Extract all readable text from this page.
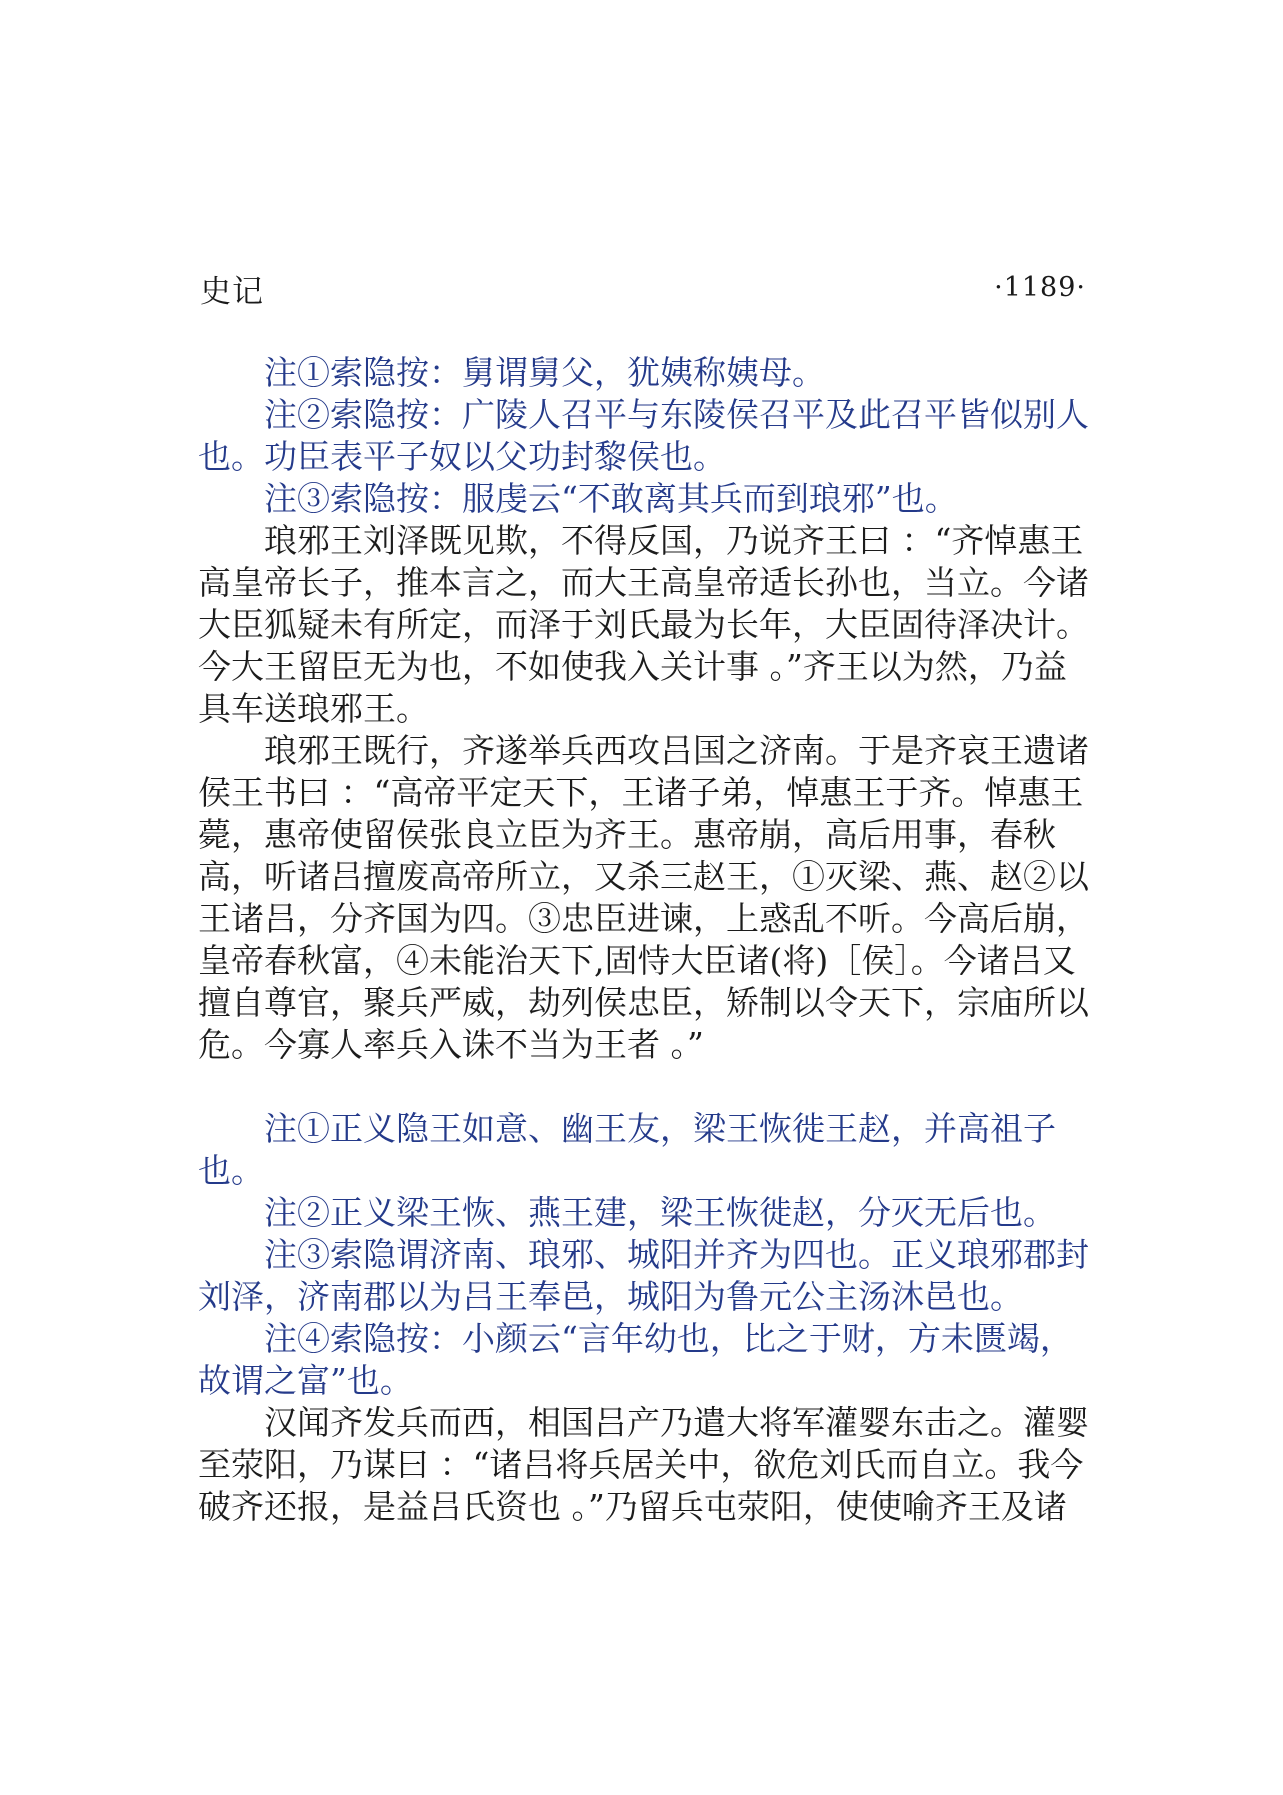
史记	·1189·

注①索隐按：舅谓舅父，犹姨称姨母。

注②索隐按：广陵人召平与东陵侯召平及此召平皆似别人也。功臣表平子奴以父功封黎侯也。

注③索隐按：服虔云“不敢离其兵而到琅邪”也。

琅邪王刘泽既见欺，不得反国，乃说齐王曰 ：“齐悼惠王高皇帝长子，推本言之，而大王高皇帝适长孙也，当立。今诸大臣狐疑未有所定，而泽于刘氏最为长年，大臣固待泽决计。今大王留臣无为也，不如使我入关计事 。”齐王以为然，乃益具车送琅邪王。

琅邪王既行，齐遂举兵西攻吕国之济南。于是齐哀王遗诸侯王书曰 ：“高帝平定天下，王诸子弟，悼惠王于齐。悼惠王薨，惠帝使留侯张良立臣为齐王。惠帝崩，高后用事，春秋高，听诸吕擅废高帝所立，又杀三赵王，①灭梁、燕、赵②以王诸吕，分齐国为四。③忠臣进谏，上惑乱不听。今高后崩，皇帝春秋富，④未能治天下,固恃大臣诸(将)［侯］。今诸吕又擅自尊官，聚兵严威，劫列侯忠臣，矫制以令天下，宗庙所以危。今寡人率兵入诛不当为王者 。”

注①正义隐王如意、幽王友，梁王恢徙王赵，并高祖子也。

注②正义梁王恢、燕王建，梁王恢徙赵，分灭无后也。

注③索隐谓济南、琅邪、城阳并齐为四也。正义琅邪郡封刘泽，济南郡以为吕王奉邑，城阳为鲁元公主汤沐邑也。

注④索隐按：小颜云“言年幼也，比之于财，方未匮竭，故谓之富”也。

汉闻齐发兵而西，相国吕产乃遣大将军灌婴东击之。灌婴至荥阳，乃谋曰 ：“诸吕将兵居关中，欲危刘氏而自立。我今破齐还报，是益吕氏资也 。”乃留兵屯荥阳，使使喻齐王及诸
